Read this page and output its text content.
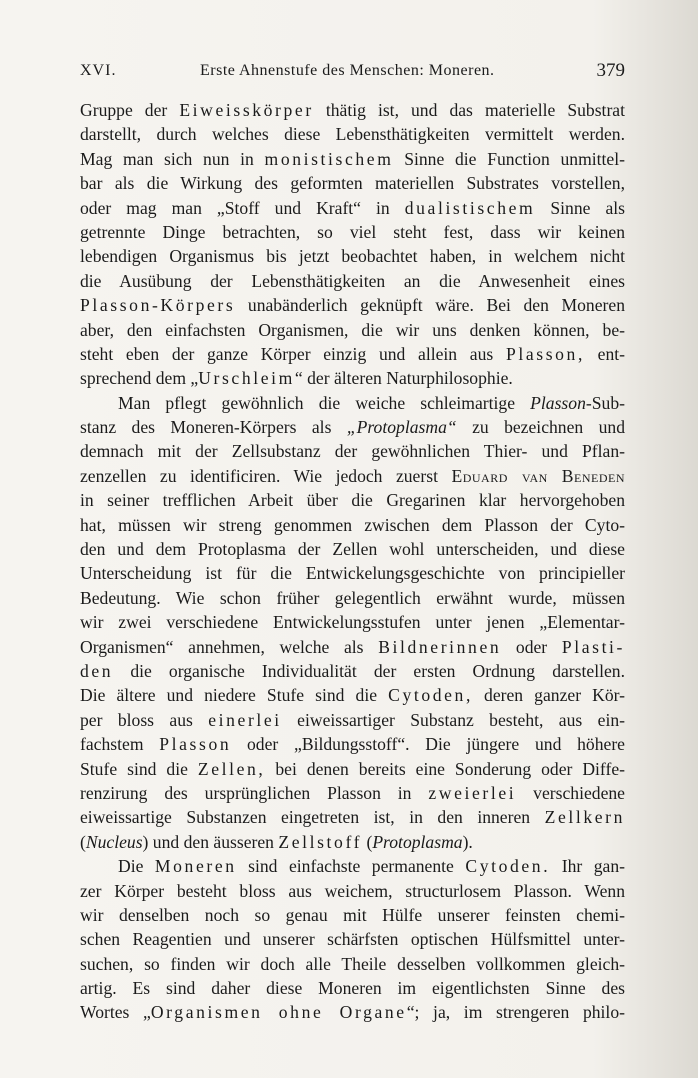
XVI.	Erste Ahnenstufe des Menschen: Moneren.	379
Gruppe der Eiweisskörper thätig ist, und das materielle Substrat
darstellt, durch welches diese Lebensthätigkeiten vermittelt werden.
Mag man sich nun in monistischem Sinne die Function unmittel-
bar als die Wirkung des geformten materiellen Substrates vorstellen,
oder mag man „Stoff und Kraft“ in dualistischem Sinne als
getrennte Dinge betrachten, so viel steht fest, dass wir keinen
lebendigen Organismus bis jetzt beobachtet haben, in welchem nicht
die Ausübung der Lebensthätigkeiten an die Anwesenheit eines
Plasson-Körpers unabänderlich geknüpft wäre. Bei den Moneren
aber, den einfachsten Organismen, die wir uns denken können, be-
steht eben der ganze Körper einzig und allein aus Plasson, ent-
sprechend dem „Urschleim“ der älteren Naturphilosophie.
Man pflegt gewöhnlich die weiche schleimartige Plasson-Sub-
stanz des Moneren-Körpers als „Protoplasma“ zu bezeichnen und
demnach mit der Zellsubstanz der gewöhnlichen Thier- und Pflan-
zenzellen zu identificiren. Wie jedoch zuerst Eduard van Beneden
in seiner trefflichen Arbeit über die Gregarinen klar hervorgehoben
hat, müssen wir streng genommen zwischen dem Plasson der Cyto-
den und dem Protoplasma der Zellen wohl unterscheiden, und diese
Unterscheidung ist für die Entwickelungsgeschichte von principieller
Bedeutung. Wie schon früher gelegentlich erwähnt wurde, müssen
wir zwei verschiedene Entwickelungsstufen unter jenen „Elementar-
Organismen“ annehmen, welche als Bildnerinnen oder Plasti-
den die organische Individualität der ersten Ordnung darstellen.
Die ältere und niedere Stufe sind die Cytoden, deren ganzer Kör-
per bloss aus einerlei eiweissartiger Substanz besteht, aus ein-
fachstem Plasson oder „Bildungsstoff“. Die jüngere und höhere
Stufe sind die Zellen, bei denen bereits eine Sonderung oder Diffe-
renzirung des ursprünglichen Plasson in zweierlei verschiedene
eiweissartige Substanzen eingetreten ist, in den inneren Zellkern
(Nucleus) und den äusseren Zellstoff (Protoplasma).
Die Moneren sind einfachste permanente Cytoden. Ihr gan-
zer Körper besteht bloss aus weichem, structurlosem Plasson. Wenn
wir denselben noch so genau mit Hülfe unserer feinsten chemi-
schen Reagentien und unserer schärfsten optischen Hülfsmittel unter-
suchen, so finden wir doch alle Theile desselben vollkommen gleich-
artig. Es sind daher diese Moneren im eigentlichsten Sinne des
Wortes „Organismen ohne Organe“; ja, im strengeren philo-
